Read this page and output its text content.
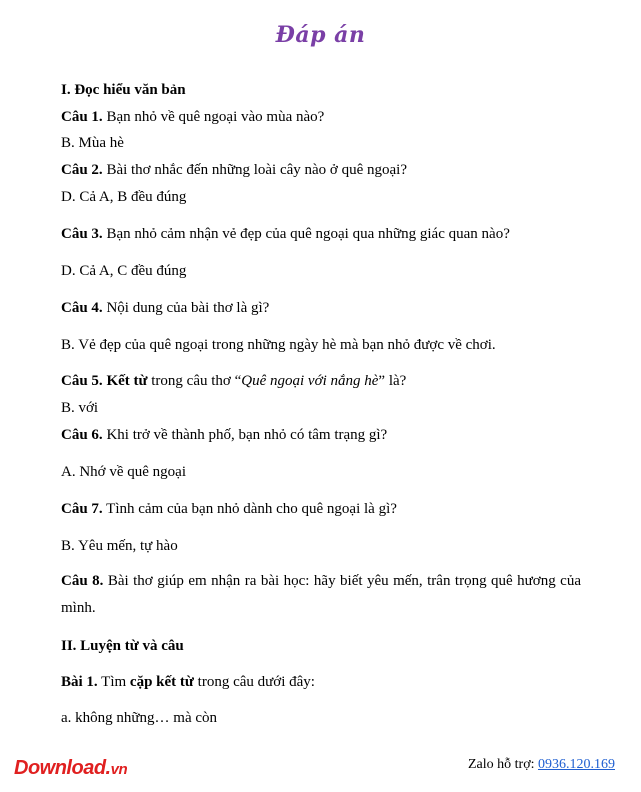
Đáp án
I. Đọc hiểu văn bản
Câu 1. Bạn nhỏ về quê ngoại vào mùa nào?
B. Mùa hè
Câu 2. Bài thơ nhắc đến những loài cây nào ở quê ngoại?
D. Cả A, B đều đúng
Câu 3. Bạn nhỏ cảm nhận vẻ đẹp của quê ngoại qua những giác quan nào?
D. Cả A, C đều đúng
Câu 4. Nội dung của bài thơ là gì?
B. Vẻ đẹp của quê ngoại trong những ngày hè mà bạn nhỏ được về chơi.
Câu 5. Kết từ trong câu thơ “Quê ngoại với nắng hè” là?
B. với
Câu 6. Khi trở về thành phố, bạn nhỏ có tâm trạng gì?
A. Nhớ về quê ngoại
Câu 7. Tình cảm của bạn nhỏ dành cho quê ngoại là gì?
B. Yêu mến, tự hào
Câu 8. Bài thơ giúp em nhận ra bài học: hãy biết yêu mến, trân trọng quê hương của mình.
II. Luyện từ và câu
Bài 1. Tìm cặp kết từ trong câu dưới đây:
a. không những… mà còn
Download.vn	Zalo hỗ trợ: 0936.120.169
